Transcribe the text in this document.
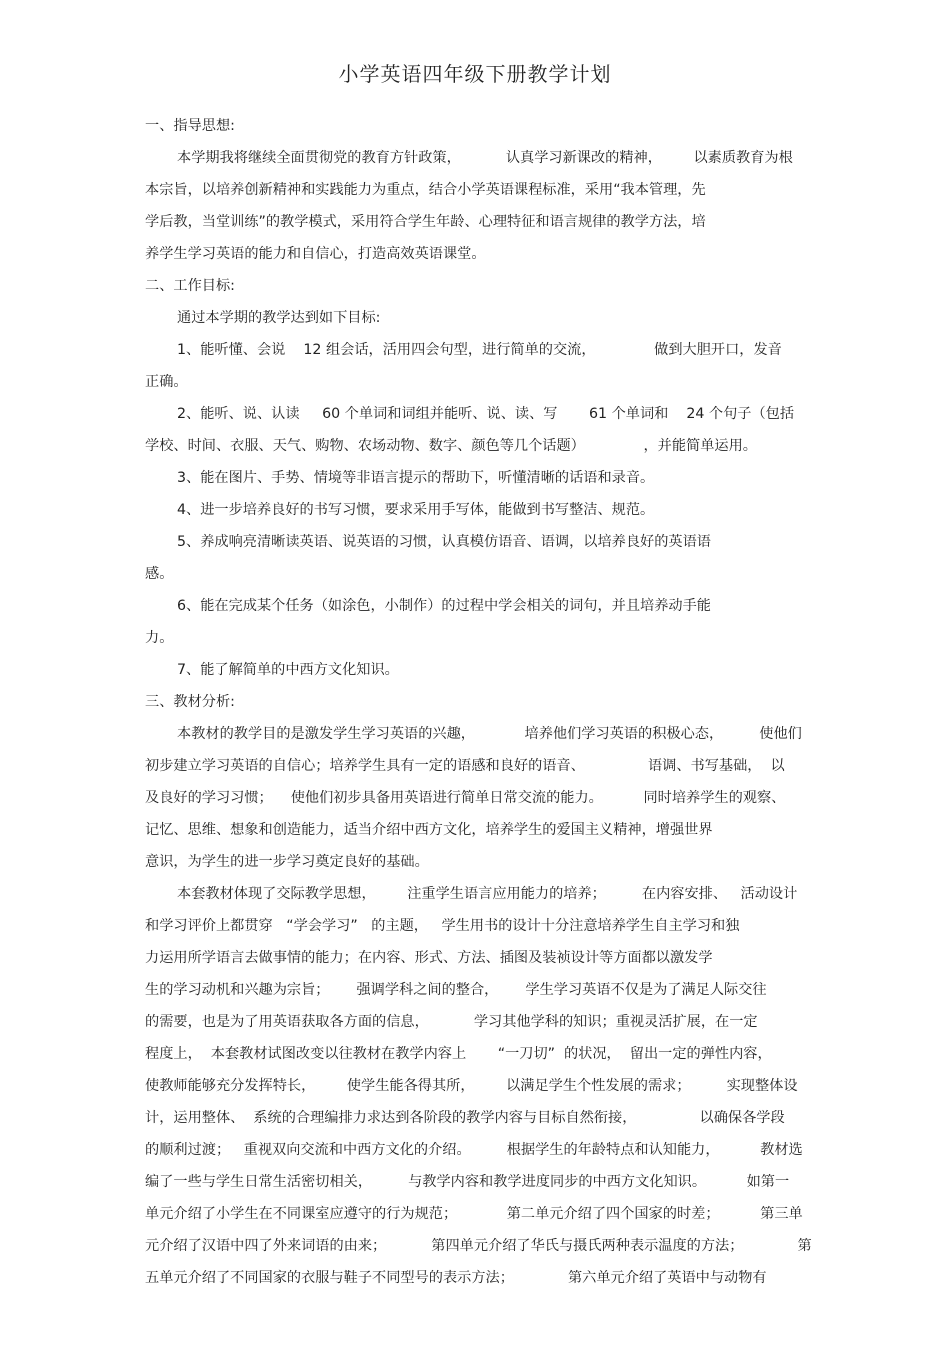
小学英语四年级下册教学计划
一、指导思想:
本学期我将继续全面贯彻党的教育方针政策，          认真学习新课改的精神，       以素质教育为根
本宗旨，以培养创新精神和实践能力为重点，结合小学英语课程标准，采用“我本管理，先
学后教，当堂训练”的教学模式，采用符合学生年龄、心理特征和语言规律的教学方法，培
养学生学习英语的能力和自信心，打造高效英语课堂。
二、工作目标:
通过本学期的教学达到如下目标:
1、能听懂、会说    12 组会话，活用四会句型，进行简单的交流，             做到大胆开口，发音
正确。
2、能听、说、认读     60 个单词和词组并能听、说、读、写       61 个单词和    24 个句子（包括
学校、时间、衣服、天气、购物、农场动物、数字、颜色等几个话题）             ，并能简单运用。
3、能在图片、手势、情境等非语言提示的帮助下，听懂清晰的话语和录音。
4、进一步培养良好的书写习惯，要求采用手写体，能做到书写整洁、规范。
5、养成响亮清晰读英语、说英语的习惯，认真模仿语音、语调，以培养良好的英语语
感。
6、能在完成某个任务（如涂色，小制作）的过程中学会相关的词句，并且培养动手能
力。
7、能了解简单的中西方文化知识。
三、教材分析:
本教材的教学目的是激发学生学习英语的兴趣，           培养他们学习英语的积极心态，        使他们
初步建立学习英语的自信心；培养学生具有一定的语感和良好的语音、              语调、书写基础，  以
及良好的学习习惯；    使他们初步具备用英语进行简单日常交流的能力。         同时培养学生的观察、
记忆、思维、想象和创造能力，适当介绍中西方文化，培养学生的爱国主义精神，增强世界
意识，为学生的进一步学习奠定良好的基础。
本套教材体现了交际教学思想，       注重学生语言应用能力的培养；        在内容安排、   活动设计
和学习评价上都贯穿   “学会学习”   的主题，   学生用书的设计十分注意培养学生自主学习和独
力运用所学语言去做事情的能力；在内容、形式、方法、插图及装祯设计等方面都以激发学
生的学习动机和兴趣为宗旨；      强调学科之间的整合，      学生学习英语不仅是为了满足人际交往
的需要，也是为了用英语获取各方面的信息，          学习其他学科的知识；重视灵活扩展，在一定
程度上，  本套教材试图改变以往教材在教学内容上       “一刀切”  的状况，  留出一定的弹性内容，
使教师能够充分发挥特长，       使学生能各得其所，       以满足学生个性发展的需求；        实现整体设
计，运用整体、  系统的合理编排力求达到各阶段的教学内容与目标自然衔接，              以确保各学段
的顺利过渡；   重视双向交流和中西方文化的介绍。        根据学生的年龄特点和认知能力，         教材选
编了一些与学生日常生活密切相关，        与教学内容和教学进度同步的中西方文化知识。         如第一
单元介绍了小学生在不同课室应遵守的行为规范；           第二单元介绍了四个国家的时差；         第三单
元介绍了汉语中四了外来词语的由来；          第四单元介绍了华氏与摄氏两种表示温度的方法；            第
五单元介绍了不同国家的衣服与鞋子不同型号的表示方法；            第六单元介绍了英语中与动物有
